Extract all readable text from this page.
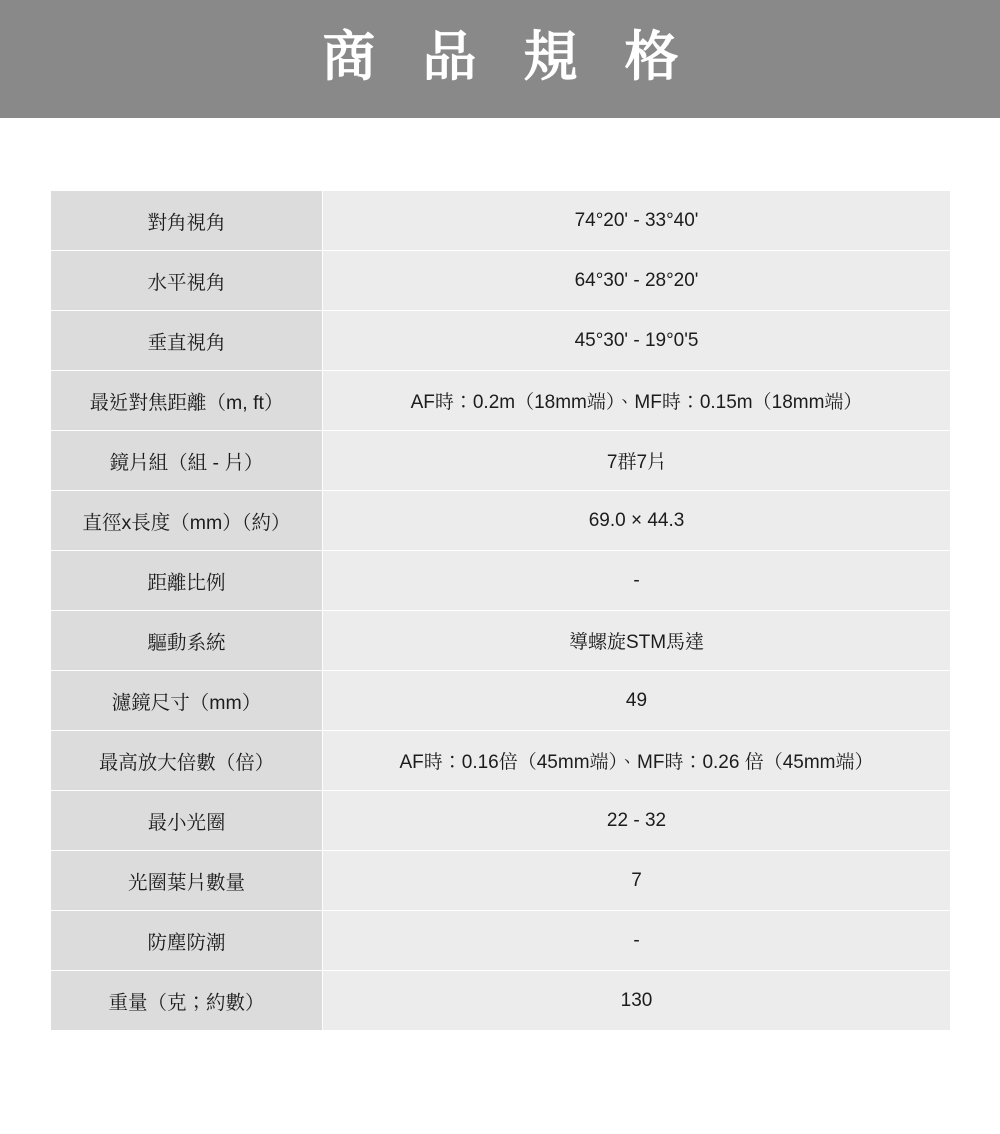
商 品 規 格
對角視角	74°20' - 33°40'
水平視角	64°30' - 28°20'
垂直視角	45°30' - 19°0'5
最近對焦距離（m, ft）	AF時：0.2m（18mm端）、MF時：0.15m（18mm端）
鏡片組（組 - 片）	7群7片
直徑x長度（mm）（約）	69.0 × 44.3
距離比例	-
驅動系統	導螺旋STM馬達
濾鏡尺寸（mm）	49
最高放大倍數（倍）	AF時：0.16倍（45mm端）、MF時：0.26 倍（45mm端）
最小光圈	22 - 32
光圈葉片數量	7
防塵防潮	-
重量（克；約數）	130
